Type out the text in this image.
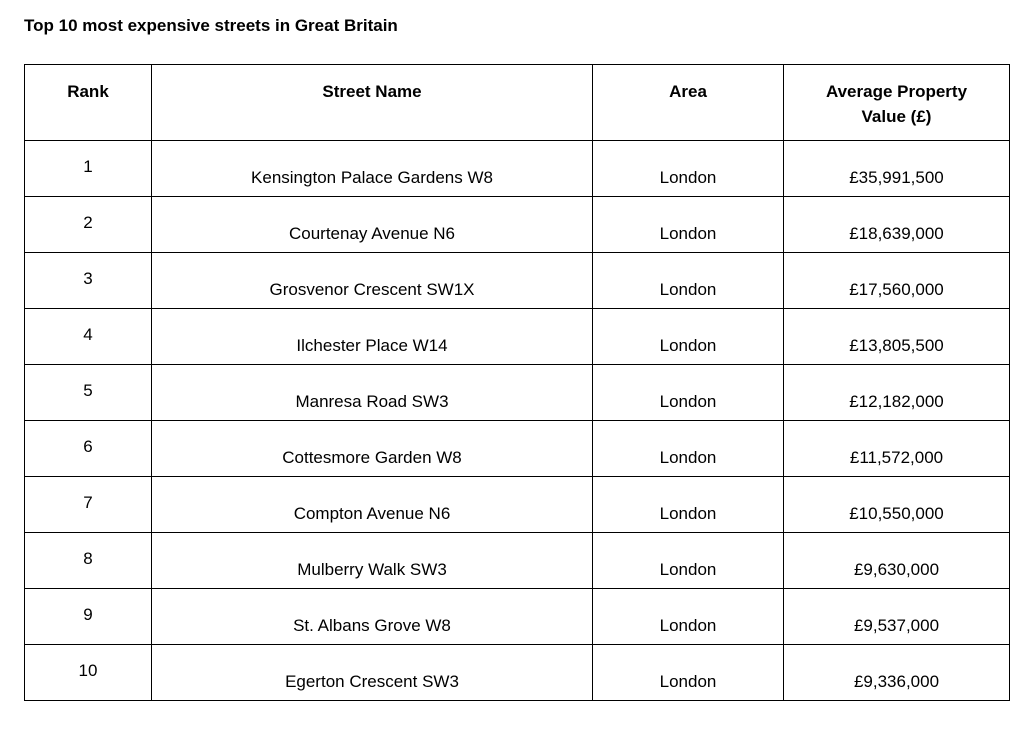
Top 10 most expensive streets in Great Britain
Rank	Street Name	Area	Average Property
Value (£)
1	Kensington Palace Gardens W8	London	£35,991,500
2	Courtenay Avenue N6	London	£18,639,000
3	Grosvenor Crescent SW1X	London	£17,560,000
4	Ilchester Place W14	London	£13,805,500
5	Manresa Road SW3	London	£12,182,000
6	Cottesmore Garden W8	London	£11,572,000
7	Compton Avenue N6	London	£10,550,000
8	Mulberry Walk SW3	London	£9,630,000
9	St. Albans Grove W8	London	£9,537,000
10	Egerton Crescent SW3	London	£9,336,000
